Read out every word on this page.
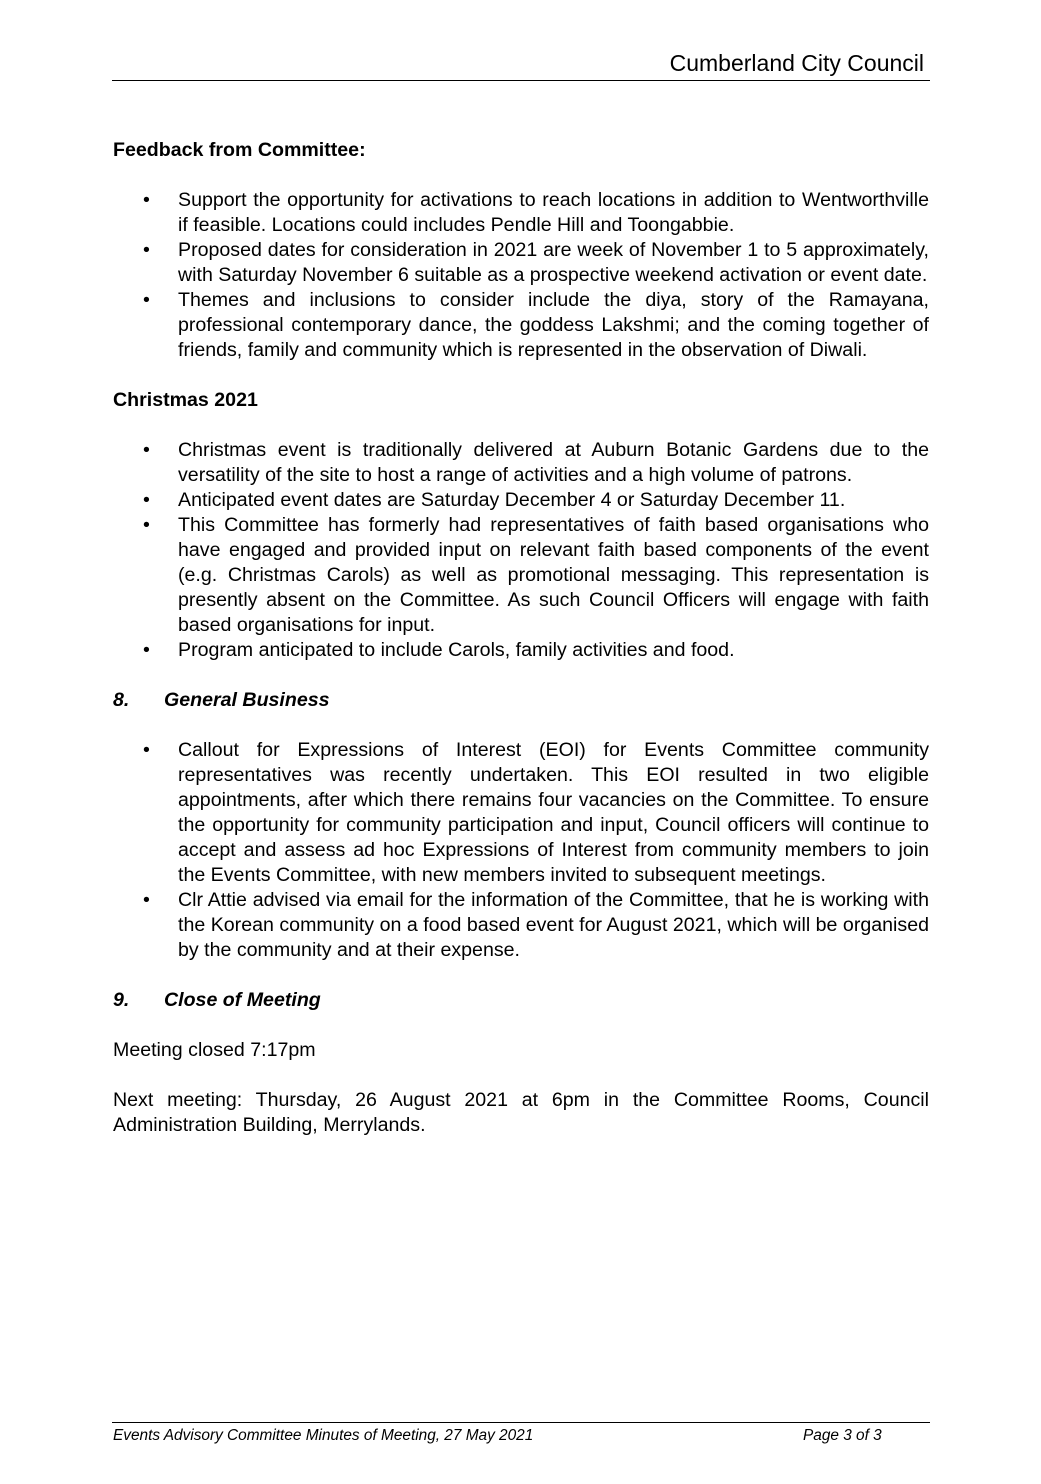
Cumberland City Council

Feedback from Committee:

• Support the opportunity for activations to reach locations in addition to Wentworthville if feasible. Locations could includes Pendle Hill and Toongabbie.
• Proposed dates for consideration in 2021 are week of November 1 to 5 approximately, with Saturday November 6 suitable as a prospective weekend activation or event date.
• Themes and inclusions to consider include the diya, story of the Ramayana, professional contemporary dance, the goddess Lakshmi; and the coming together of friends, family and community which is represented in the observation of Diwali.

Christmas 2021

• Christmas event is traditionally delivered at Auburn Botanic Gardens due to the versatility of the site to host a range of activities and a high volume of patrons.
• Anticipated event dates are Saturday December 4 or Saturday December 11.
• This Committee has formerly had representatives of faith based organisations who have engaged and provided input on relevant faith based components of the event (e.g. Christmas Carols) as well as promotional messaging. This representation is presently absent on the Committee. As such Council Officers will engage with faith based organisations for input.
• Program anticipated to include Carols, family activities and food.

8. General Business

• Callout for Expressions of Interest (EOI) for Events Committee community representatives was recently undertaken. This EOI resulted in two eligible appointments, after which there remains four vacancies on the Committee. To ensure the opportunity for community participation and input, Council officers will continue to accept and assess ad hoc Expressions of Interest from community members to join the Events Committee, with new members invited to subsequent meetings.
• Clr Attie advised via email for the information of the Committee, that he is working with the Korean community on a food based event for August 2021, which will be organised by the community and at their expense.

9. Close of Meeting

Meeting closed 7:17pm

Next meeting: Thursday, 26 August 2021 at 6pm in the Committee Rooms, Council Administration Building, Merrylands.

Events Advisory Committee Minutes of Meeting, 27 May 2021	Page 3 of 3
